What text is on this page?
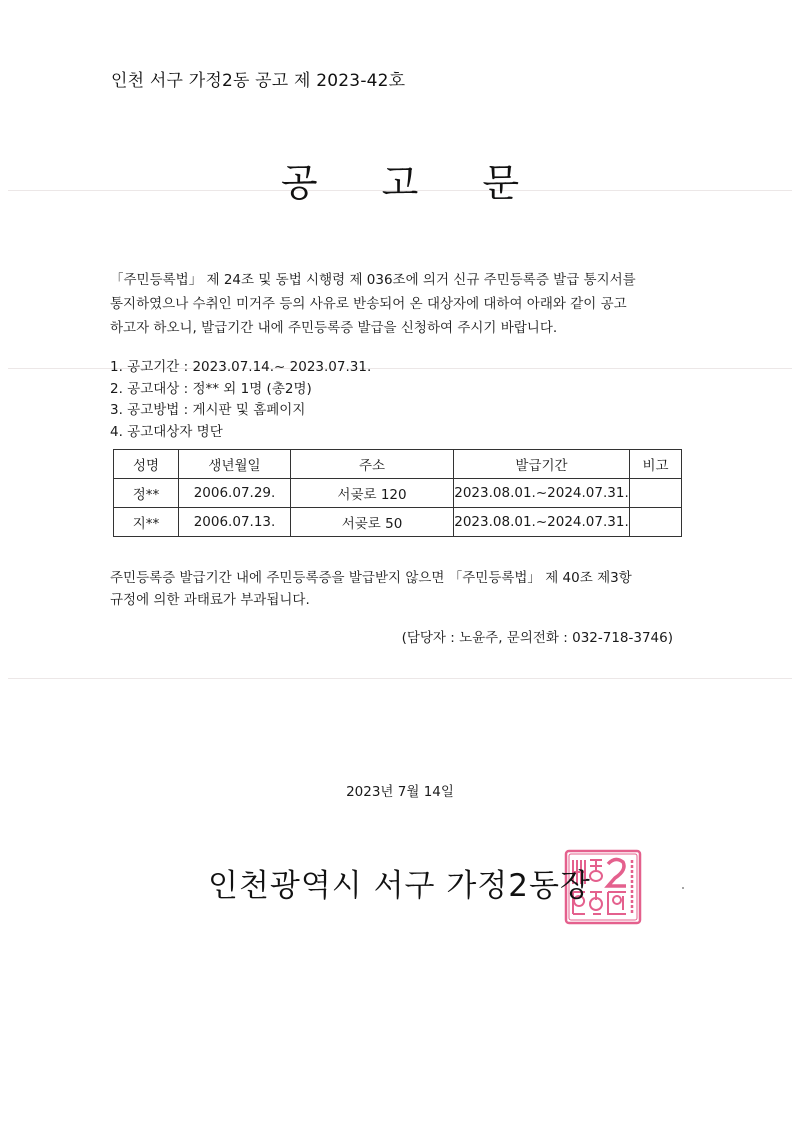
인천 서구 가정2동 공고 제 2023-42호
공 고 문

「주민등록법」 제 24조 및 동법 시행령 제 036조에 의거 신규 주민등록증 발급 통지서를

통지하였으나 수취인 미거주 등의 사유로 반송되어 온 대상자에 대하여 아래와 같이 공고

하고자 하오니, 발급기간 내에 주민등록증 발급을 신청하여 주시기 바랍니다.

1. 공고기간 : 2023.07.14.~ 2023.07.31.
2. 공고대상 : 정** 외 1명 (총2명)
3. 공고방법 : 게시판 및 홈페이지
4. 공고대상자 명단
성명	생년월일	주소	발급기간	비고
정**	2006.07.29.	서곶로 120	2023.08.01.~2024.07.31.	
지**	2006.07.13.	서곶로 50	2023.08.01.~2024.07.31.	

주민등록증 발급기간 내에 주민등록증을 발급받지 않으면 「주민등록법」 제 40조 제3항

규정에 의한 과태료가 부과됩니다.

(담당자 : 노윤주, 문의전화 : 032-718-3746)
2023년 7월 14일
인천광역시 서구 가정2동장
